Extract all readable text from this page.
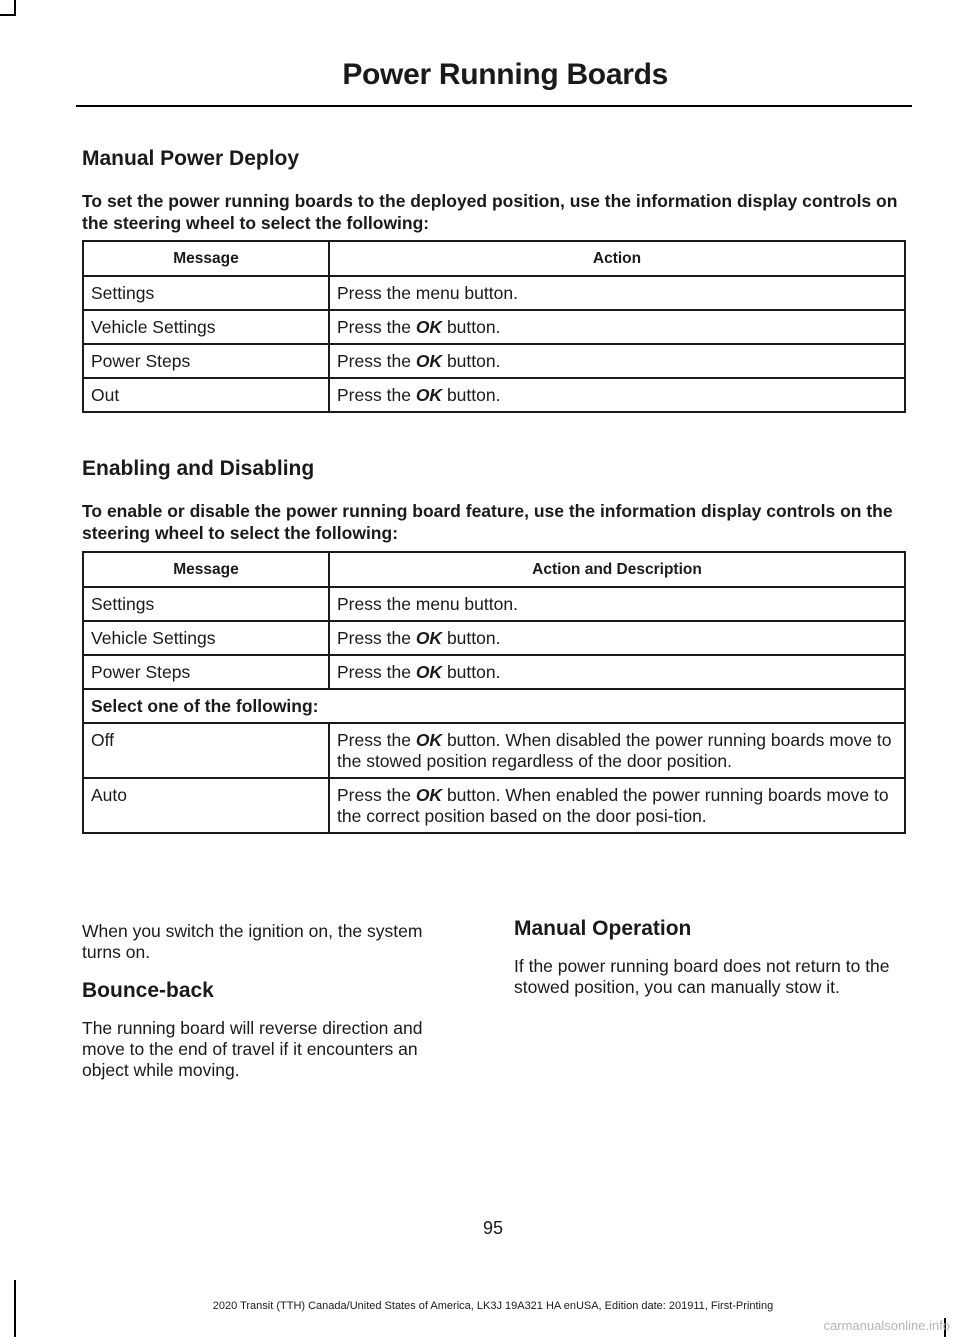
Power Running Boards
Manual Power Deploy

To set the power running boards to the deployed position, use the information display controls on the steering wheel to select the following:

Message	Action
Settings	Press the menu button.
Vehicle Settings	Press the OK button.
Power Steps	Press the OK button.
Out	Press the OK button.
Enabling and Disabling

To enable or disable the power running board feature, use the information display controls on the steering wheel to select the following:

Message	Action and Description
Settings	Press the menu button.
Vehicle Settings	Press the OK button.
Power Steps	Press the OK button.
Select one of the following:	
Off	Press the OK button. When disabled the power running boards move to the stowed position regardless of the door position.
Auto	Press the OK button. When enabled the power running boards move to the correct position based on the door posi-tion.

When you switch the ignition on, the system turns on.

Bounce-back

The running board will reverse direction and move to the end of travel if it encounters an object while moving.

Manual Operation

If the power running board does not return to the stowed position, you can manually stow it.

95

2020 Transit (TTH) Canada/United States of America, LK3J 19A321 HA enUSA, Edition date: 201911, First-Printing

carmanualsonline.info
